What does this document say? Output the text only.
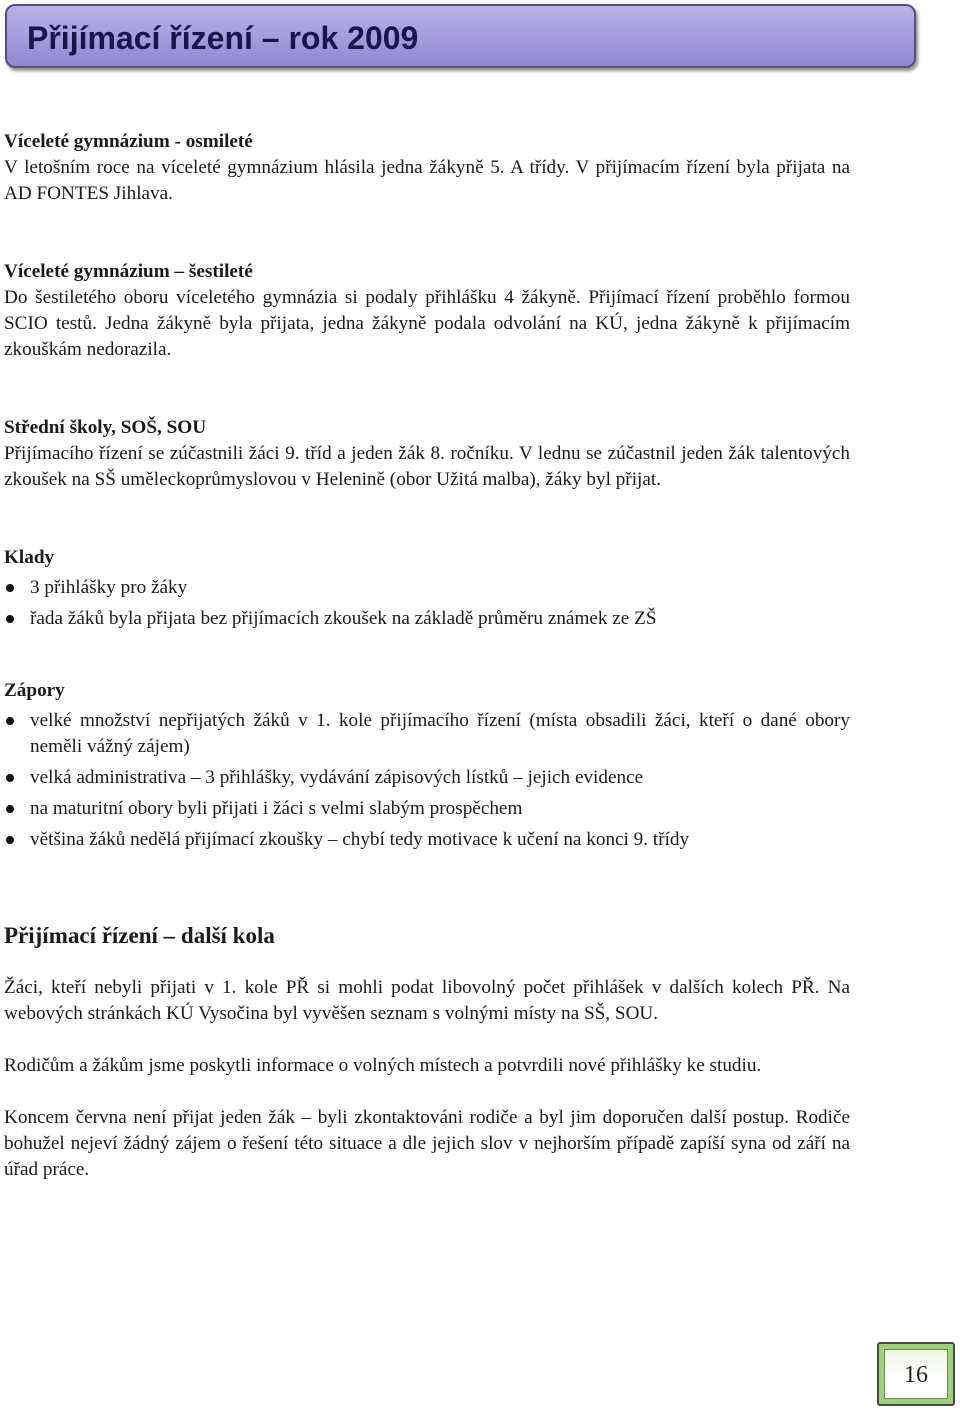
Přijímací řízení – rok 2009
Víceleté gymnázium - osmileté

V letošním roce na víceleté gymnázium hlásila jedna žákyně 5. A třídy. V přijímacím řízení byla přijata na AD FONTES Jihlava.

Víceleté gymnázium – šestileté

Do šestiletého oboru víceletého gymnázia si podaly přihlášku 4 žákyně. Přijímací řízení proběhlo formou SCIO testů. Jedna žákyně byla přijata, jedna žákyně podala odvolání na KÚ, jedna žákyně k přijímacím zkouškám nedorazila.

Střední školy, SOŠ, SOU

Přijímacího řízení se zúčastnili žáci 9. tříd a jeden žák 8. ročníku. V lednu se zúčastnil jeden žák talentových zkoušek na SŠ uměleckoprůmyslovou v Helenině (obor Užitá malba), žáky byl přijat.

Klady
3 přihlášky pro žáky
řada žáků byla přijata bez přijímacích zkoušek na základě průměru známek ze ZŠ
Zápory
velké množství nepřijatých žáků v 1. kole přijímacího řízení (místa obsadili žáci, kteří o dané obory neměli vážný zájem)
velká administrativa – 3 přihlášky, vydávání zápisových lístků – jejich evidence
na maturitní obory byli přijati i žáci s velmi slabým prospěchem
většina žáků nedělá přijímací zkoušky – chybí tedy motivace k učení na konci 9. třídy
Přijímací řízení – další kola

Žáci, kteří nebyli přijati v 1. kole PŘ si mohli podat libovolný počet přihlášek v dalších kolech PŘ. Na webových stránkách KÚ Vysočina byl vyvěšen seznam s volnými místy na SŠ, SOU.

Rodičům a žákům jsme poskytli informace o volných místech a potvrdili nové přihlášky ke studiu.

Koncem června není přijat jeden žák – byli zkontaktováni rodiče a byl jim doporučen další postup. Rodiče bohužel nejeví žádný zájem o řešení této situace a dle jejich slov v nejhorším případě zapíší syna od září na úřad práce.

16
